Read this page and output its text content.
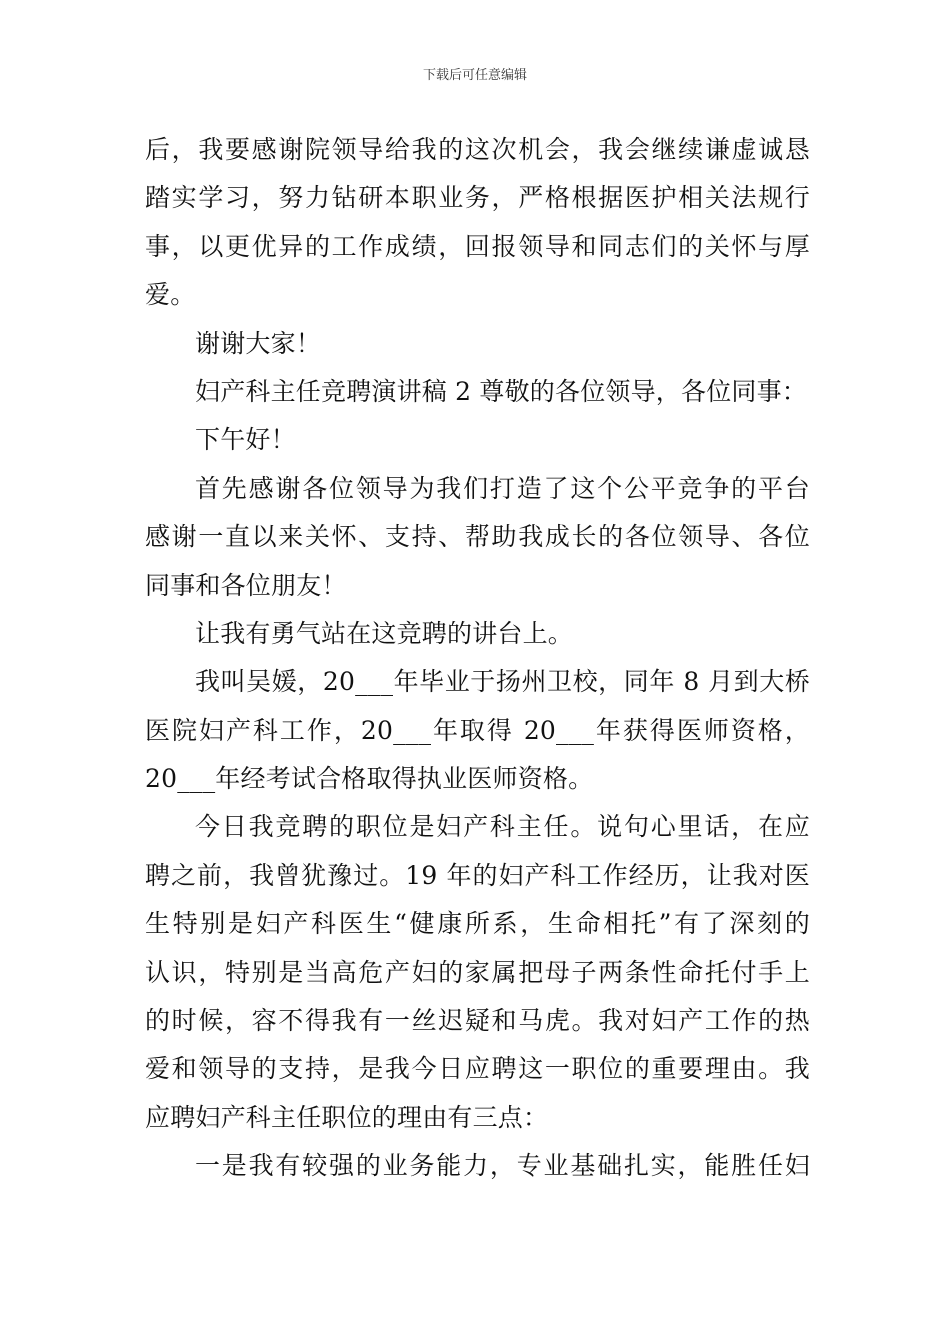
下载后可任意编辑
后，我要感谢院领导给我的这次机会，我会继续谦虚诚恳
踏实学习，努力钻研本职业务，严格根据医护相关法规行
事，以更优异的工作成绩，回报领导和同志们的关怀与厚
爱。
谢谢大家！
妇产科主任竞聘演讲稿 2 尊敬的各位领导，各位同事：
下午好！
首先感谢各位领导为我们打造了这个公平竞争的平台
感谢一直以来关怀、支持、帮助我成长的各位领导、各位
同事和各位朋友！
让我有勇气站在这竞聘的讲台上。
我叫吴媛，20___年毕业于扬州卫校，同年 8 月到大桥
医院妇产科工作，20___年取得 20___年获得医师资格，
20___年经考试合格取得执业医师资格。
今日我竞聘的职位是妇产科主任。说句心里话，在应
聘之前，我曾犹豫过。19 年的妇产科工作经历，让我对医
生特别是妇产科医生“健康所系，生命相托”有了深刻的
认识，特别是当高危产妇的家属把母子两条性命托付手上
的时候，容不得我有一丝迟疑和马虎。我对妇产工作的热
爱和领导的支持，是我今日应聘这一职位的重要理由。我
应聘妇产科主任职位的理由有三点：
一是我有较强的业务能力，专业基础扎实，能胜任妇
